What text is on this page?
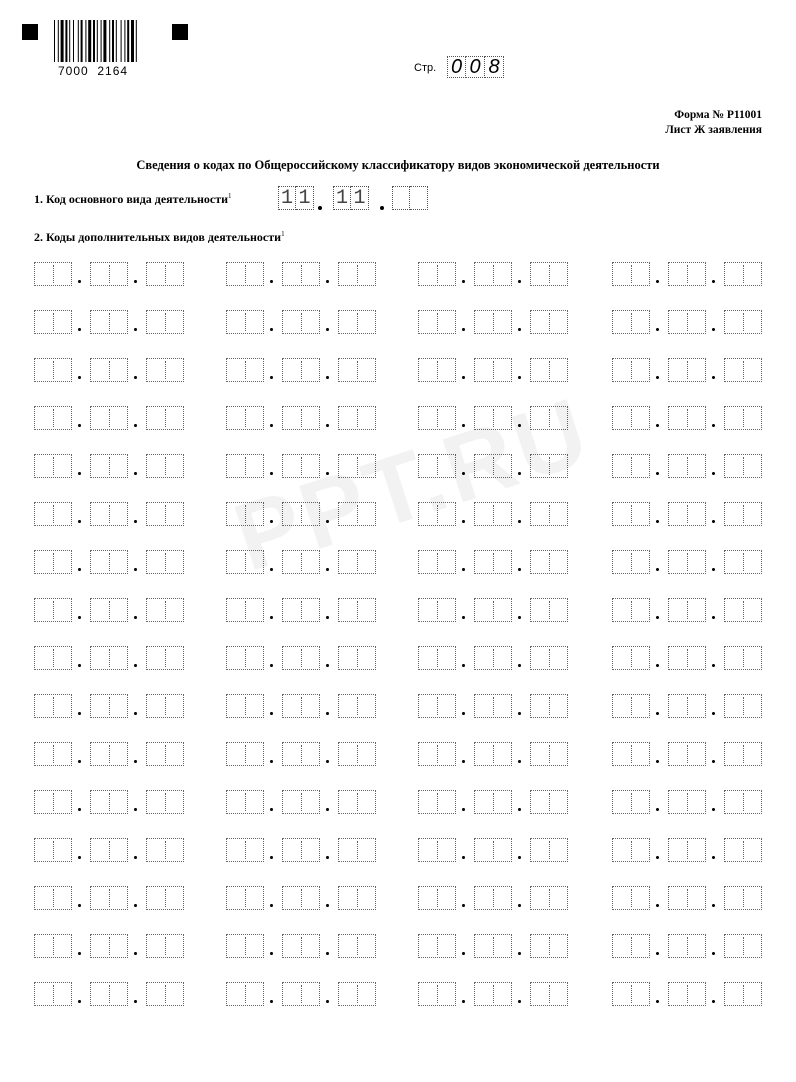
7000  2164	Стр. 0 0 8
Форма № Р11001
Лист Ж заявления
Сведения о кодах по Общероссийскому классификатору видов экономической деятельности
1. Код основного вида деятельности$^1$ 1 1 1 1
2. Коды дополнительных видов деятельности$^1$
PPT.RU
